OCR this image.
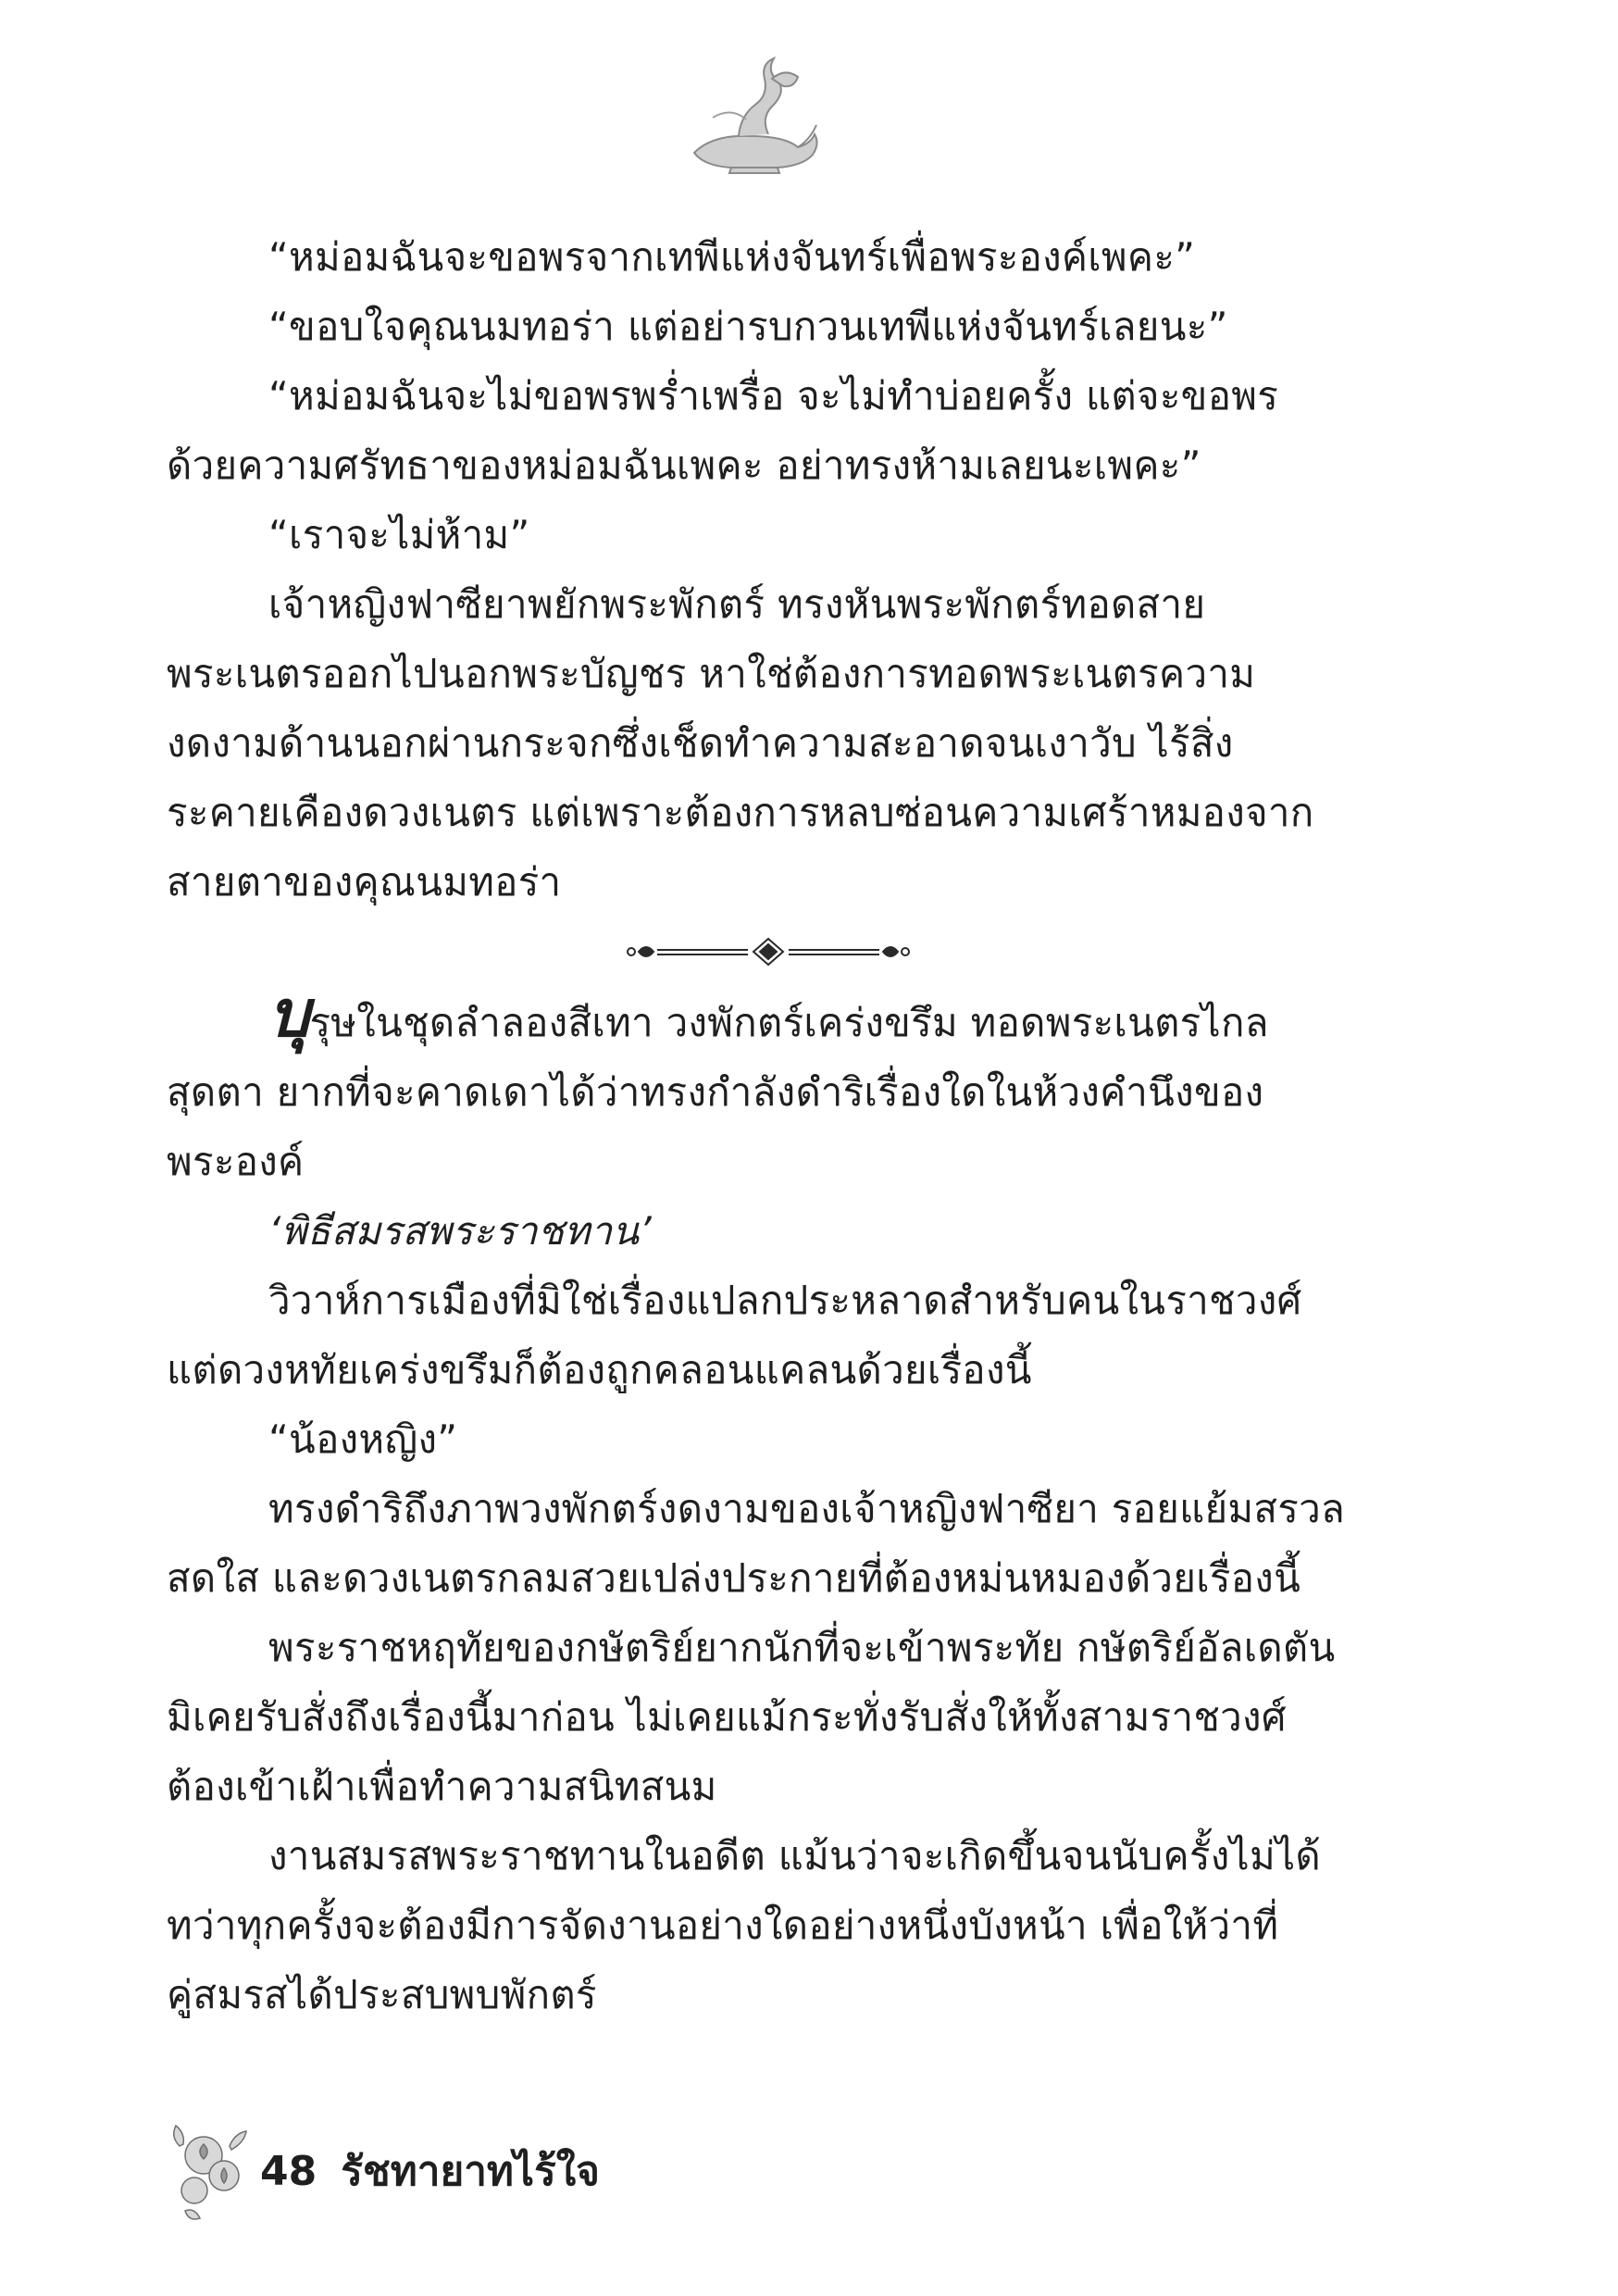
“หม่อมฉันจะขอพรจากเทพีแห่งจันทร์เพื่อพระองค์เพคะ”

“ขอบใจคุณนมทอร่า แต่อย่ารบกวนเทพีแห่งจันทร์เลยนะ”

“หม่อมฉันจะไม่ขอพรพร่ำเพรื่อ จะไม่ทำบ่อยครั้ง แต่จะขอพร

ด้วยความศรัทธาของหม่อมฉันเพคะ อย่าทรงห้ามเลยนะเพคะ”

“เราจะไม่ห้าม”

เจ้าหญิงฟาซียาพยักพระพักตร์ ทรงหันพระพักตร์ทอดสาย

พระเนตรออกไปนอกพระบัญชร หาใช่ต้องการทอดพระเนตรความ

งดงามด้านนอกผ่านกระจกซึ่งเช็ดทำความสะอาดจนเงาวับ ไร้สิ่ง

ระคายเคืองดวงเนตร แต่เพราะต้องการหลบซ่อนความเศร้าหมองจาก

สายตาของคุณนมทอร่า

บุรุษในชุดลำลองสีเทา วงพักตร์เคร่งขรึม ทอดพระเนตรไกล

สุดตา ยากที่จะคาดเดาได้ว่าทรงกำลังดำริเรื่องใดในห้วงคำนึงของ

พระองค์

‘พิธีสมรสพระราชทาน’

วิวาห์การเมืองที่มิใช่เรื่องแปลกประหลาดสำหรับคนในราชวงศ์

แต่ดวงหทัยเคร่งขรึมก็ต้องถูกคลอนแคลนด้วยเรื่องนี้

“น้องหญิง”

ทรงดำริถึงภาพวงพักตร์งดงามของเจ้าหญิงฟาซียา รอยแย้มสรวล

สดใส และดวงเนตรกลมสวยเปล่งประกายที่ต้องหม่นหมองด้วยเรื่องนี้

พระราชหฤทัยของกษัตริย์ยากนักที่จะเข้าพระทัย กษัตริย์อัลเดตัน

มิเคยรับสั่งถึงเรื่องนี้มาก่อน ไม่เคยแม้กระทั่งรับสั่งให้ทั้งสามราชวงศ์

ต้องเข้าเฝ้าเพื่อทำความสนิทสนม

งานสมรสพระราชทานในอดีต แม้นว่าจะเกิดขึ้นจนนับครั้งไม่ได้

ทว่าทุกครั้งจะต้องมีการจัดงานอย่างใดอย่างหนึ่งบังหน้า เพื่อให้ว่าที่

คู่สมรสได้ประสบพบพักตร์

48 รัชทายาทไร้ใจ
